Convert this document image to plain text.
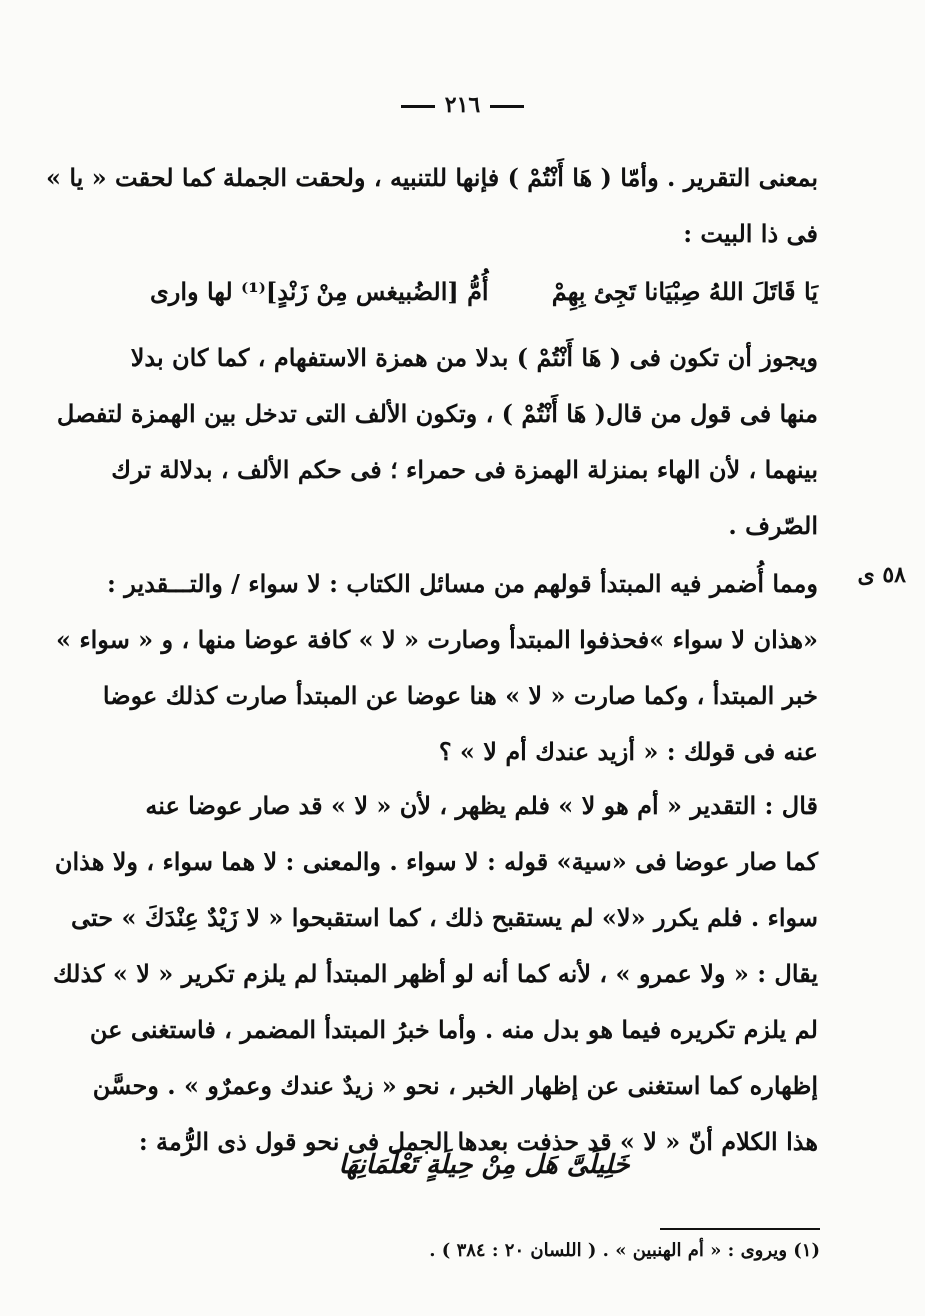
٢١٦
بمعنى التقرير . وأمّا ( هَا أَنْتُمْ ) فإنها للتنبيه ، ولحقت الجملة كما لحقت « يا »
فى ذا البيت :
يَا قَاتَلَ اللهُ صِبْيَانا تَجِئ بِهِمْ
أُمُّ [الضُبيغس مِنْ زَنْدٍ]⁽¹⁾ لها وارى
ويجوز أن تكون فى ( هَا أَنْتُمْ ) بدلا من همزة الاستفهام ، كما كان بدلا
منها فى قول من قال( هَا أَنْتُمْ ) ، وتكون الألف التى تدخل بين الهمزة لتفصل
بينهما ، لأن الهاء بمنزلة الهمزة فى حمراء ؛ فى حكم الألف ، بدلالة ترك
الصّرف .
٥٨ ى
ومما أُضمر فيه المبتدأ قولهم من مسائل الكتاب : لا سواء / والتـــقدير :
«هذان لا سواء »فحذفوا المبتدأ وصارت « لا » كافة عوضا منها ، و « سواء »
خبر المبتدأ ، وكما صارت « لا » هنا عوضا عن المبتدأ صارت كذلك عوضا
عنه فى قولك : « أزيد عندك أم لا » ؟
قال : التقدير « أم هو لا » فلم يظهر ، لأن « لا » قد صار عوضا عنه
كما صار عوضا فى «سية» قوله : لا سواء . والمعنى : لا هما سواء ، ولا هذان
سواء . فلم يكرر «لا» لم يستقبح ذلك ، كما استقبحوا « لا زَيْدٌ عِنْدَكَ » حتى
يقال : « ولا عمرو » ، لأنه كما أنه لو أظهر المبتدأ لم يلزم تكرير « لا » كذلك
لم يلزم تكريره فيما هو بدل منه . وأما خبرُ المبتدأ المضمر ، فاستغنى عن
إظهاره كما استغنى عن إظهار الخبر ، نحو « زيدٌ عندك وعمرٌو » . وحسَّن
هذا الكلام أنّ « لا » قد حذفت بعدها الجمل فى نحو قول ذى الرُّمة :
خَلِيلَىَّ هَل مِنْ حِيلَةٍ تَعْلَمَانِهَا
(١) ويروى : « أم الهنبين » . ( اللسان ٢٠ : ٣٨٤ ) .
